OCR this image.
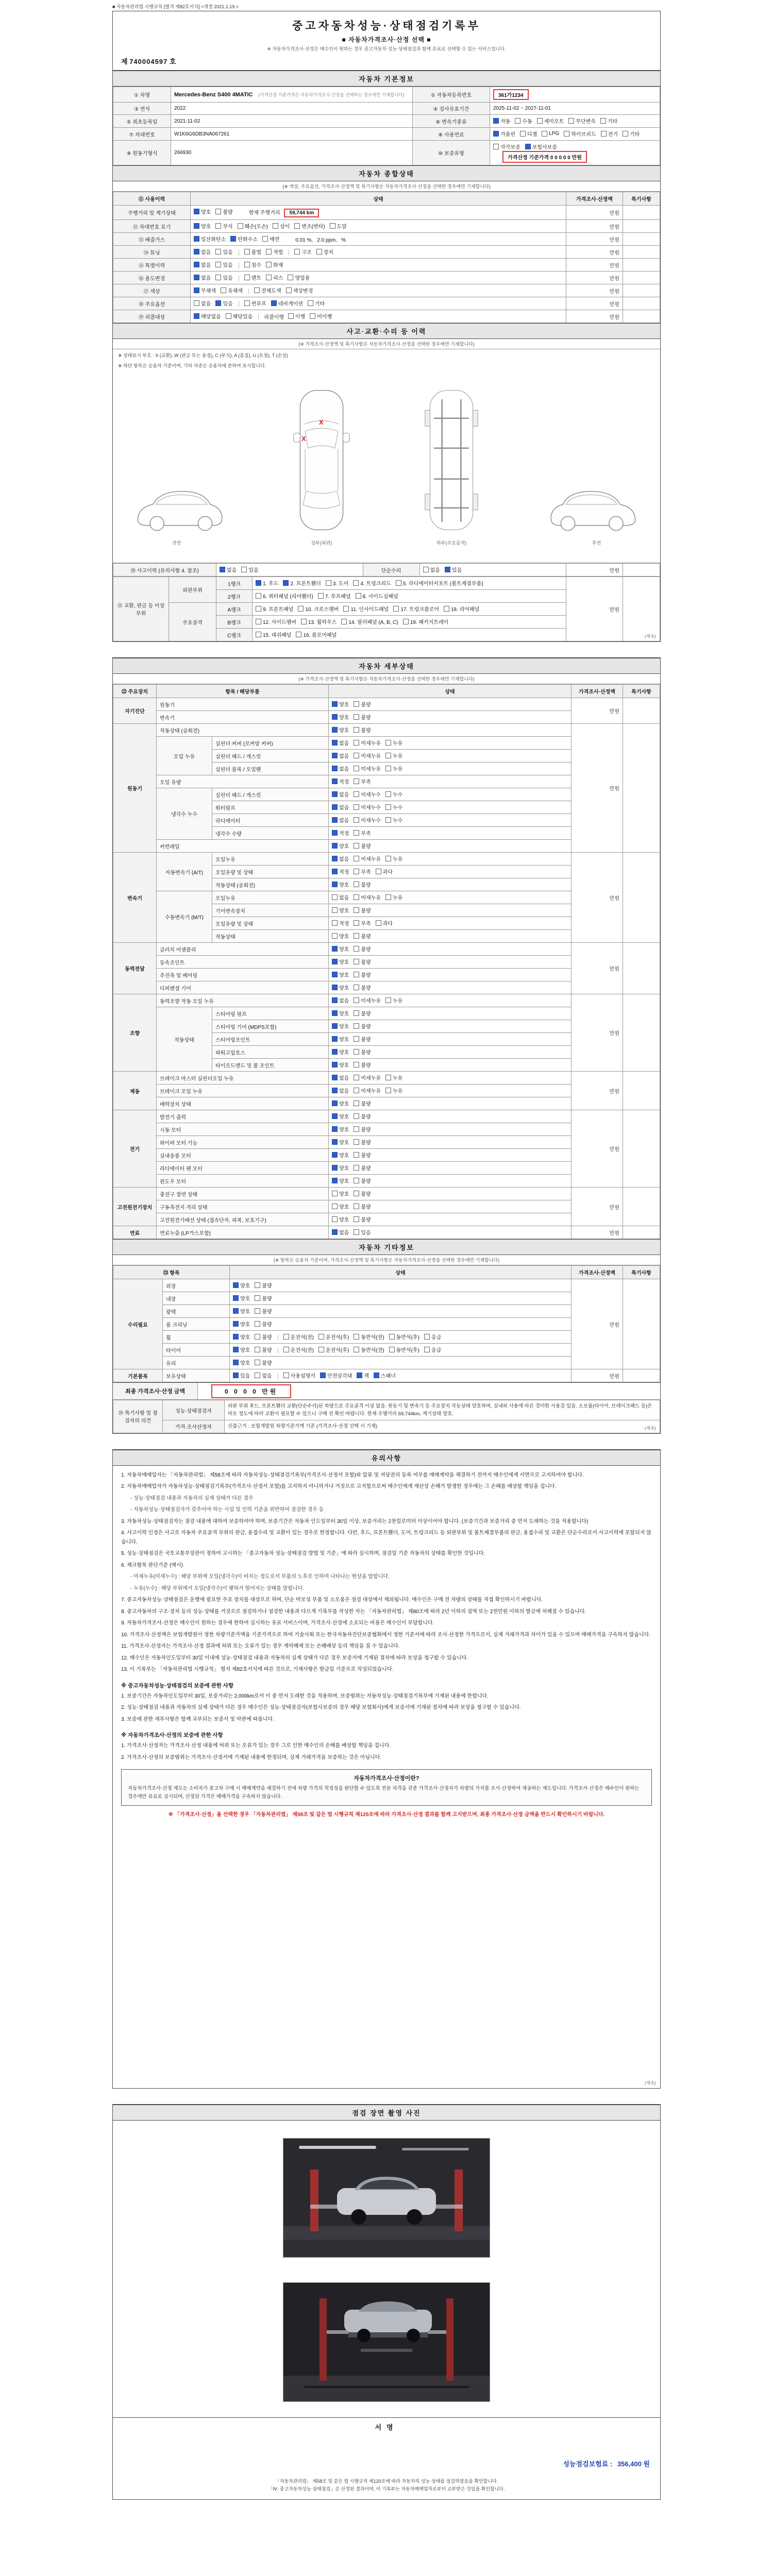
■ 자동차관리법 시행규칙 [별지 제82호서식] <개정 2021.1.19.>
중고자동차성능·상태점검기록부
■ 자동차가격조사·산정 선택 ■
※ 자동차가격조사·산정은 매수인이 원하는 경우 중고자동차 성능·상태점검과 함께 유료로 선택할 수 있는 서비스입니다.
제 740004597 호
자동차 기본정보
① 차명	Mercedes-Benz S400 4MATIC (가격산정 기준가격은 자동차가격조사·산정을 선택하는 경우에만 기재합니다)	② 자동차등록번호	361가1234
③ 연식	2022	④ 검사유효기간	2025-11-02 ~ 2027-11-01
⑤ 최초등록일	2021-11-02	⑥ 변속기종류	자동 수동 세미오토 무단변속 기타

⑦ 차대번호	W1K6G6DB3NA067261	⑧ 사용연료	가솔린 디젤 LPG 하이브리드 전기 기타

⑨ 원동기형식	266930	⑩ 보증유형	자가보증 보험사보증
가격산정 기준가격 0 0 0 0 0 만원
자동차 종합상태
(※ 색상, 주요옵션, 가격조사·산정액 및 특기사항은 자동차가격조사·산정을 선택한 경우에만 기재합니다)
⑪ 사용이력	상태	가격조사·산정액	특기사항
주행거리 및 계기상태	양호 불량 현재 주행거리 59,744 km	만원	
⑫ 차대번호 표기	양호 부식 훼손(오손) 상이 변조(변타) 도말	만원	
⑬ 배출가스	일산화탄소 탄화수소 매연 0.01 %, 2.0 ppm, %	만원	
⑭ 튜닝	없음 있음	불법 적법	구조 장치	만원	
⑮ 특별이력	없음 있음 침수 화재	만원	
⑯ 용도변경	없음 있음 렌트 리스 영업용	만원	
⑰ 색상	무채색 유채색 전체도색 색상변경	만원	
⑱ 주요옵션	없음 있음 썬루프 네비게이션 기타	만원	
⑲ 리콜대상	해당없음 해당있음 리콜이행 이행 미이행	만원	
사고·교환·수리 등 이력
(※ 가격조사·산정액 및 특기사항은 자동차가격조사·산정을 선택한 경우에만 기재합니다)
※ 상태표시 부호 : X (교환), W (판금 또는 용접), C (부식), A (흠집), U (요철), T (손상)
※ 하단 항목은 승용차 기준이며, 기타 차종은 승용차에 준하여 표시합니다.
전면
X
X
상부(외판)	하부(주요골격)	후면
⑳ 사고이력 (유의사항 4. 참조)	없음 있음	단순수리	없음 있음	만원	
㉑ 교환, 판금 등 이상 부위	외판부위	1랭크	1. 후드 2. 프론트휀더 3. 도어 4. 트렁크리드 5. 라디에이터서포트 (볼트체결부품)	만원	
		2랭크	6. 쿼터패널 (리어휀더) 7. 루프패널 8. 사이드실패널		

	주요골격	A랭크	9. 프론트패널 10. 크로스멤버 11. 인사이드패널 17. 트렁크플로어 18. 리어패널		

		B랭크	12. 사이드멤버 13. 휠하우스 14. 필러패널 (A, B, C) 19. 패키지트레이		

		C랭크	15. 대쉬패널 16. 플로어패널			(계속)
자동차 세부상태
(※ 가격조사·산정액 및 특기사항은 자동차가격조사·산정을 선택한 경우에만 기재합니다)
㉒ 주요장치	항목 / 해당부품		상태	가격조사·산정액	특기사항
자기진단	원동기		양호 불량	만원	
	변속기		양호 불량		

원동기	작동상태 (공회전)		양호 불량	만원	
	오일 누유	실린더 커버 (로커암 커버)	없음 미세누유 누유		

		실린더 헤드 / 개스킷	없음 미세누유 누유		

		실린더 블록 / 오일팬	없음 미세누유 누유		

	오일 유량		적정 부족		

	냉각수 누수	실린더 헤드 / 개스킷	없음 미세누수 누수		

		워터펌프	없음 미세누수 누수		

		라디에이터	없음 미세누수 누수		

		냉각수 수량	적정 부족		

	커먼레일		양호 불량		

변속기	자동변속기 (A/T)	오일누유	없음 미세누유 누유	만원	
		오일유량 및 상태	적정 부족 과다		

		작동상태 (공회전)	양호 불량		

	수동변속기 (M/T)	오일누유	없음 미세누유 누유		

		기어변속장치	양호 불량		

		오일유량 및 상태	적정 부족 과다		

		작동상태	양호 불량		

동력전달	클러치 어셈블리		양호 불량	만원	
	등속조인트		양호 불량		

	추진축 및 베어링		양호 불량		

	디퍼렌셜 기어		양호 불량		

조향	동력조향 작동 오일 누유		없음 미세누유 누유	만원	
	작동상태	스티어링 펌프	양호 불량		

		스티어링 기어 (MDPS포함)	양호 불량		

		스티어링조인트	양호 불량		

		파워고압호스	양호 불량		

		타이로드엔드 및 볼 조인트	양호 불량		

제동	브레이크 마스터 실린더오일 누유		없음 미세누유 누유	만원	
	브레이크 오일 누유		없음 미세누유 누유		

	배력장치 상태		양호 불량		

전기	발전기 출력		양호 불량	만원	
	시동 모터		양호 불량		

	와이퍼 모터 기능		양호 불량		

	실내송풍 모터		양호 불량		

	라디에이터 팬 모터		양호 불량		

	윈도우 모터		양호 불량		

고전원전기장치	충전구 절연 상태		양호 불량	만원	
	구동축전지 격리 상태		양호 불량		

	고전원전기배선 상태 (접속단자, 피복, 보호기구)		양호 불량		

연료	연료누출 (LP가스포함)		없음 있음	만원	
자동차 기타정보
(※ 항목은 승용차 기준이며, 가격조사·산정액 및 특기사항은 자동차가격조사·산정을 선택한 경우에만 기재합니다)
㉓ 항목		상태	가격조사·산정액	특기사항
수리필요	외장	양호 불량	만원	
	내장	양호 불량		

	광택	양호 불량		

	룸 크리닝	양호 불량		

휠	양호 불량	운전석(전) 운전석(후) 동반석(전) 동반석(후) 응급

타이어	양호 불량	운전석(전) 운전석(후) 동반석(전) 동반석(후) 응급

	유리	양호 불량		

기본품목	보유상태	있음 없음	사용설명서 안전삼각대 잭 스패너	만원	
최종 가격조사·산정 금액	0 0 0 0 만원
㉔ 특기사항 및 점검자의 의견	성능·상태점검자	외판 부위 후드, 프론트휀더 교환(단순수리)된 차량으로 주요골격 이상 없음. 원동기 및 변속기 등 주요장치 작동상태 양호하며, 실내외 사용에 따른 경미한 사용감 있음. 소모품(타이어, 브레이크패드 등)은 마모 정도에 따라 교환이 필요할 수 있으니 구매 전 확인 바랍니다. 현재 주행거리 59,744km, 계기상태 양호.
	가격·조사산정자	산출근거 : 보험개발원 차량기준가액 기준 (가격조사·산정 선택 시 기재)	(계속)
유의사항
1. 자동차매매업자는 「자동차관리법」 제58조에 따라 자동차성능·상태점검기록부(가격조사·산정서 포함)와 압류 및 저당권의 등록 여부를 매매계약을 체결하기 전까지 매수인에게 서면으로 고지하여야 합니다.
2. 자동차매매업자가 자동차성능·상태점검기록부(가격조사·산정서 포함)를 고지하지 아니하거나 거짓으로 고지함으로써 매수인에게 재산상 손해가 발생한 경우에는 그 손해를 배상할 책임을 집니다.
- 성능·상태점검 내용과 자동차의 실제 상태가 다른 경우
- 자동차성능·상태점검자가 갖추어야 하는 시설 및 인력 기준을 위반하여 점검한 경우 등
3. 자동차성능·상태점검자는 점검 내용에 대하여 보증하여야 하며, 보증기간은 자동차 인도일부터 30일 이상, 보증거리는 2천킬로미터 이상이어야 합니다. (보증기간과 보증거리 중 먼저 도래하는 것을 적용합니다)
4. 사고이력 인정은 사고로 자동차 주요골격 부위의 판금, 용접수리 및 교환이 있는 경우로 한정합니다. 다만, 후드, 프론트휀더, 도어, 트렁크리드 등 외판부위 및 볼트체결부품의 판금, 용접수리 및 교환은 단순수리로서 사고이력에 포함되지 않습니다.
5. 성능·상태점검은 국토교통부장관이 정하여 고시하는 「중고자동차 성능·상태점검 방법 및 기준」에 따라 실시하며, 점검일 기준 자동차의 상태를 확인한 것입니다.
6. 체크항목 판단기준 (예시)
- 미세누유(미세누수) : 해당 부위에 오일(냉각수)이 비치는 정도로서 부품의 노후로 인하여 나타나는 현상을 말합니다.
- 누유(누수) : 해당 부위에서 오일(냉각수)이 맺혀서 떨어지는 상태를 말합니다.
7. 중고자동차성능·상태점검은 운행에 필요한 주요 장치를 대상으로 하며, 단순 마모성 부품 및 소모품은 점검 대상에서 제외됩니다. 매수인은 구매 전 차량의 상태를 직접 확인하시기 바랍니다.
8. 중고자동차의 구조·장치 등의 성능·상태를 거짓으로 점검하거나 점검한 내용과 다르게 기록부를 작성한 자는 「자동차관리법」 제80조에 따라 2년 이하의 징역 또는 2천만원 이하의 벌금에 처해질 수 있습니다.
9. 자동차가격조사·산정은 매수인이 원하는 경우에 한하여 실시하는 유료 서비스이며, 가격조사·산정에 소요되는 비용은 매수인이 부담합니다.
10. 가격조사·산정액은 보험개발원이 정한 차량기준가액을 기준가격으로 하여 기술사회 또는 한국자동차진단보증협회에서 정한 기준서에 따라 조사·산정한 가격으로서, 실제 거래가격과 차이가 있을 수 있으며 매매가격을 구속하지 않습니다.
11. 가격조사·산정자는 가격조사·산정 결과에 허위 또는 오류가 있는 경우 계약해제 또는 손해배상 등의 책임을 질 수 있습니다.
12. 매수인은 자동차인도일부터 30일 이내에 성능·상태점검 내용과 자동차의 실제 상태가 다른 경우 보증서에 기재된 절차에 따라 보상을 청구할 수 있습니다.
13. 이 기록부는 「자동차관리법 시행규칙」 별지 제82호서식에 따른 것으로, 기재사항은 발급일 기준으로 작성되었습니다.
※ 중고자동차성능·상태점검의 보증에 관한 사항
1. 보증기간은 자동차인도일부터 30일, 보증거리는 2,000km로서 이 중 먼저 도래한 것을 적용하며, 보증범위는 자동차성능·상태점검기록부에 기재된 내용에 한합니다.
2. 성능·상태점검 내용과 자동차의 실제 상태가 다른 경우 매수인은 성능·상태점검자(보험사보증의 경우 해당 보험회사)에게 보증서에 기재된 절차에 따라 보상을 청구할 수 있습니다.
3. 보증에 관한 세부사항은 함께 교부되는 보증서 및 약관에 따릅니다.
※ 자동차가격조사·산정의 보증에 관한 사항
1. 가격조사·산정자는 가격조사·산정 내용에 허위 또는 오류가 있는 경우 그로 인한 매수인의 손해를 배상할 책임을 집니다.
2. 가격조사·산정의 보증범위는 가격조사·산정서에 기재된 내용에 한정되며, 실제 거래가격을 보증하는 것은 아닙니다.
자동차가격조사·산정이란?
자동차가격조사·산정 제도는 소비자가 중고차 구매 시 매매계약을 체결하기 전에 차량 가격의 적정성을 판단할 수 있도록 전문 자격을 갖춘 가격조사·산정자가 차량의 가치를 조사·산정하여 제공하는 제도입니다. 가격조사·산정은 매수인이 원하는 경우에만 유료로 실시되며, 산정된 가격은 매매가격을 구속하지 않습니다.
※ 「가격조사·산정」을 선택한 경우 「자동차관리법」 제58조 및 같은 법 시행규칙 제120조에 따라 가격조사·산정 결과를 함께 고지받으며, 최종 가격조사·산정 금액을 반드시 확인하시기 바랍니다.
(계속)
점검 장면 촬영 사진
서명
성능점검보험료 : 356,400 원
「자동차관리법」 제58조 및 같은 법 시행규칙 제120조에 따라 자동차의 성능·상태를 점검하였음을 확인합니다.
「Ⅳ. 중고자동차성능·상태점검」은 산정된 결과이며, 이 기록부는 자동차매매업자로부터 교부받은 것임을 확인합니다.
